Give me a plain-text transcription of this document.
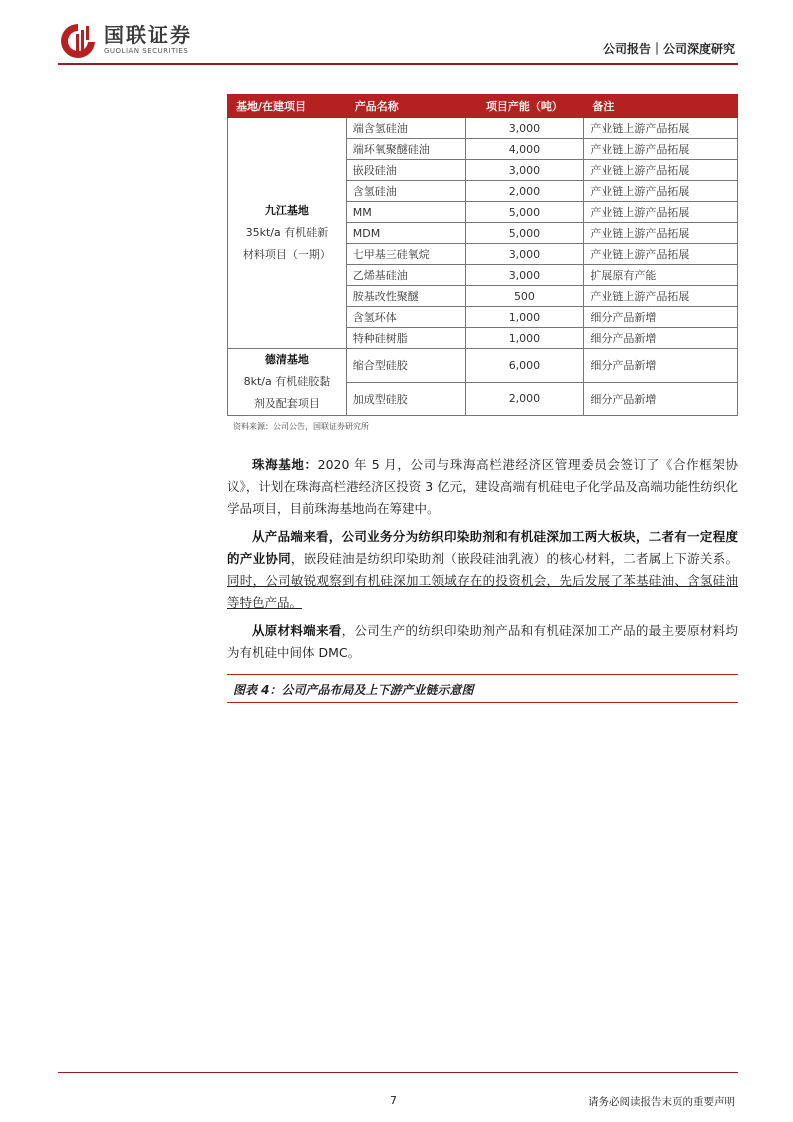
国联证券
GUOLIAN SECURITIES	公司报告｜公司深度研究
基地/在建项目	产品名称	项目产能（吨）	备注

九江基地
35kt/a 有机硅新
材料项目（一期）	端含氢硅油	3,000	产业链上游产品拓展
	端环氧聚醚硅油	4,000	产业链上游产品拓展
	嵌段硅油	3,000	产业链上游产品拓展
	含氢硅油	2,000	产业链上游产品拓展
	MM	5,000	产业链上游产品拓展
	MDM	5,000	产业链上游产品拓展
	七甲基三硅氧烷	3,000	产业链上游产品拓展
	乙烯基硅油	3,000	扩展原有产能
	胺基改性聚醚	500	产业链上游产品拓展
	含氢环体	1,000	细分产品新增
	特种硅树脂	1,000	细分产品新增

德清基地
8kt/a 有机硅胶黏
剂及配套项目	缩合型硅胶	6,000	细分产品新增
	加成型硅胶	2,000	细分产品新增
资料来源：公司公告，国联证券研究所
珠海基地：2020 年 5 月，公司与珠海高栏港经济区管理委员会签订了《合作框架协议》，计划在珠海高栏港经济区投资 3 亿元，建设高端有机硅电子化学品及高端功能性纺织化学品项目，目前珠海基地尚在筹建中。
从产品端来看，公司业务分为纺织印染助剂和有机硅深加工两大板块，二者有一定程度的产业协同，嵌段硅油是纺织印染助剂（嵌段硅油乳液）的核心材料，二者属上下游关系。同时，公司敏锐观察到有机硅深加工领域存在的投资机会，先后发展了苯基硅油、含氢硅油等特色产品。
从原材料端来看，公司生产的纺织印染助剂产品和有机硅深加工产品的最主要原材料均为有机硅中间体 DMC。
图表 4：公司产品布局及上下游产业链示意图
7	请务必阅读报告末页的重要声明
